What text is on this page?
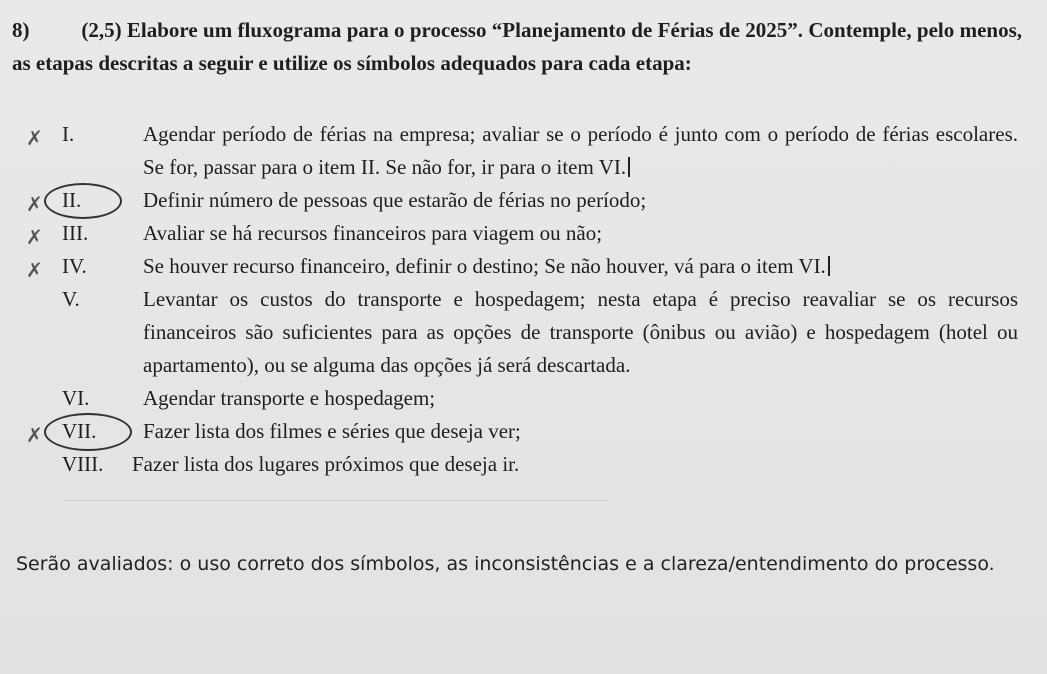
8) (2,5) Elabore um fluxograma para o processo “Planejamento de Férias de 2025”. Contemple, pelo menos, as etapas descritas a seguir e utilize os símbolos adequados para cada etapa:
✗ I.	Agendar período de férias na empresa; avaliar se o período é junto com o período de férias escolares. Se for, passar para o item II. Se não for, ir para o item VI.
✗ II.	Definir número de pessoas que estarão de férias no período;
✗ III.	Avaliar se há recursos financeiros para viagem ou não;
✗ IV.	Se houver recurso financeiro, definir o destino; Se não houver, vá para o item VI.
V.	Levantar os custos do transporte e hospedagem; nesta etapa é preciso reavaliar se os recursos financeiros são suficientes para as opções de transporte (ônibus ou avião) e hospedagem (hotel ou apartamento), ou se alguma das opções já será descartada.
VI.	Agendar transporte e hospedagem;
✗ VII.	Fazer lista dos filmes e séries que deseja ver;
VIII.	Fazer lista dos lugares próximos que deseja ir.
Serão avaliados: o uso correto dos símbolos, as inconsistências e a clareza/entendimento do processo.
